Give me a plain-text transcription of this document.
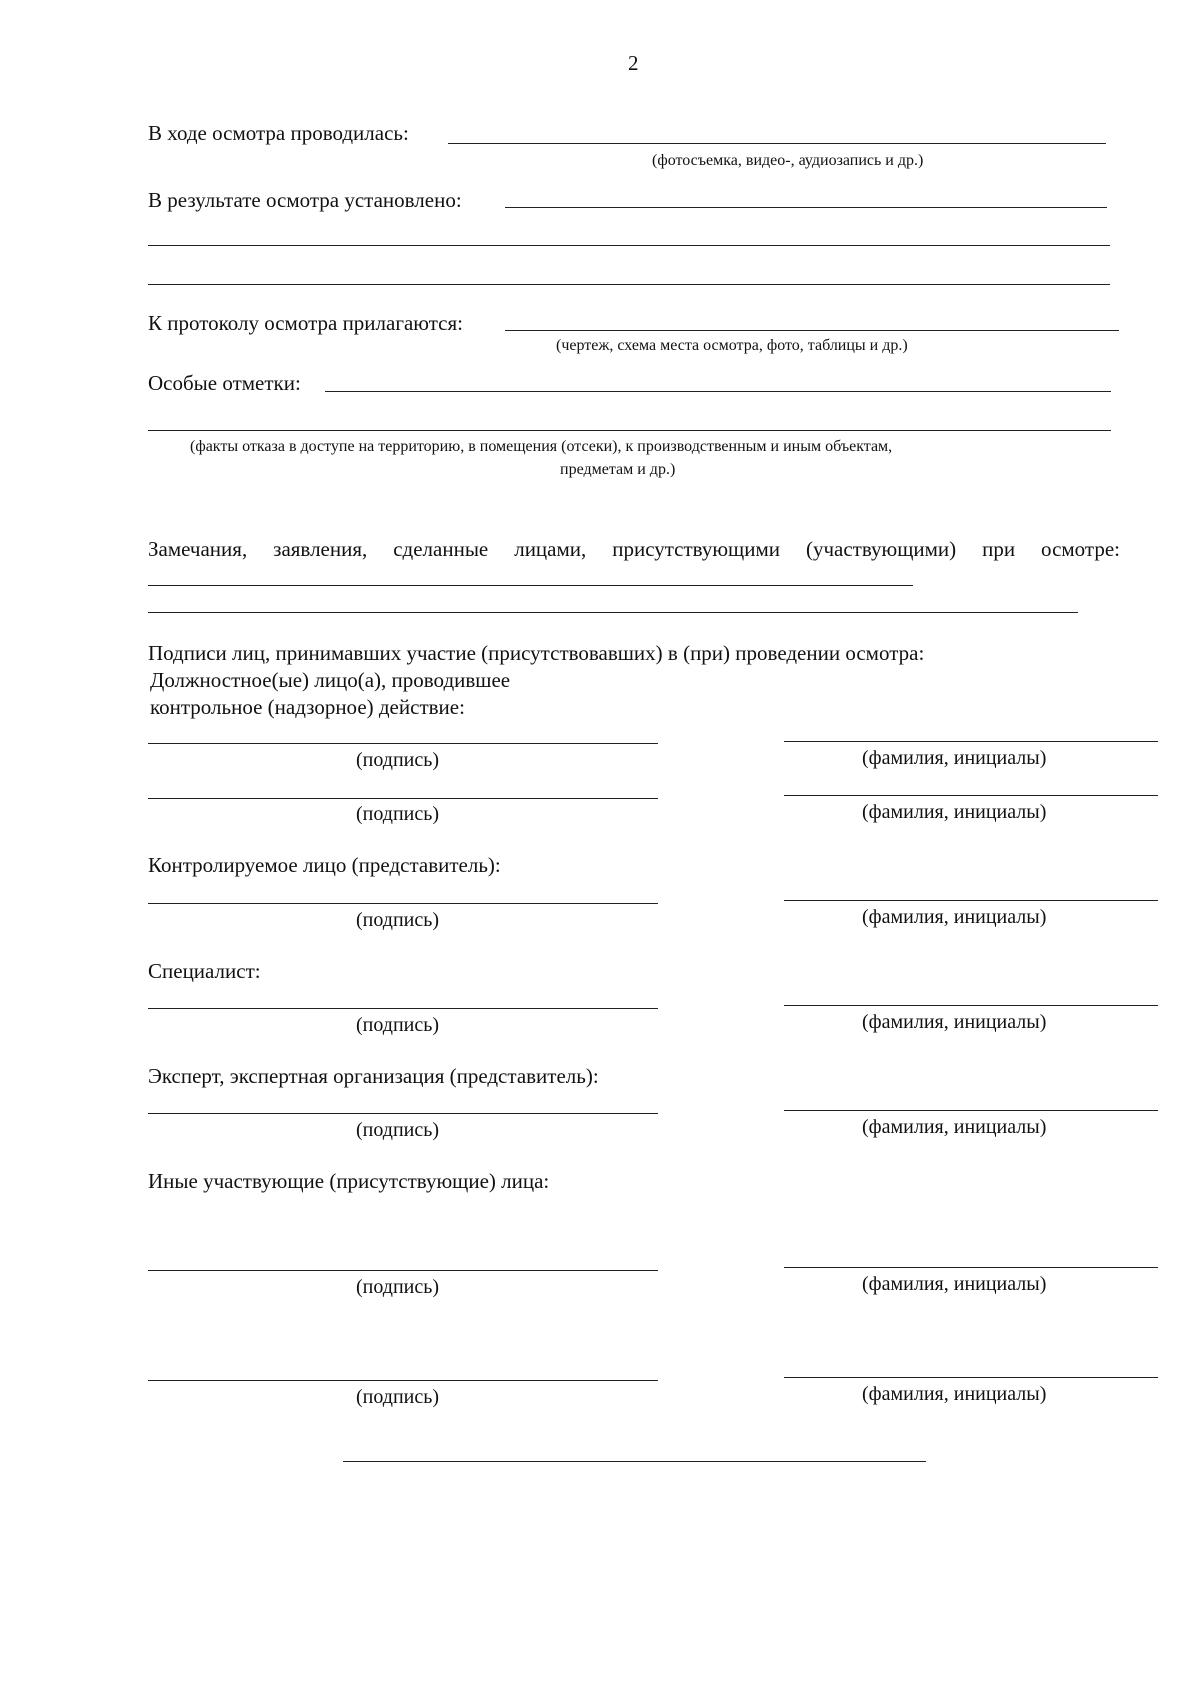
2
В ходе осмотра проводилась:
(фотосъемка, видео-, аудиозапись и др.)
В результате осмотра установлено:
К протоколу осмотра прилагаются:
(чертеж, схема места осмотра, фото, таблицы и др.)
Особые отметки:
(факты отказа в доступе на территорию, в помещения (отсеки), к производственным и иным объектам,
предметам и др.)
Замечания, заявления, сделанные лицами, присутствующими (участвующими) при осмотре:
Подписи лиц, принимавших участие (присутствовавших) в (при) проведении осмотра:
Должностное(ые) лицо(а), проводившее
контрольное (надзорное) действие:
(подпись)	(фамилия, инициалы)
(подпись)	(фамилия, инициалы)
Контролируемое лицо (представитель):
(подпись)	(фамилия, инициалы)
Специалист:
(подпись)	(фамилия, инициалы)
Эксперт, экспертная организация (представитель):
(подпись)	(фамилия, инициалы)
Иные участвующие (присутствующие) лица:
(подпись)	(фамилия, инициалы)
(подпись)	(фамилия, инициалы)
